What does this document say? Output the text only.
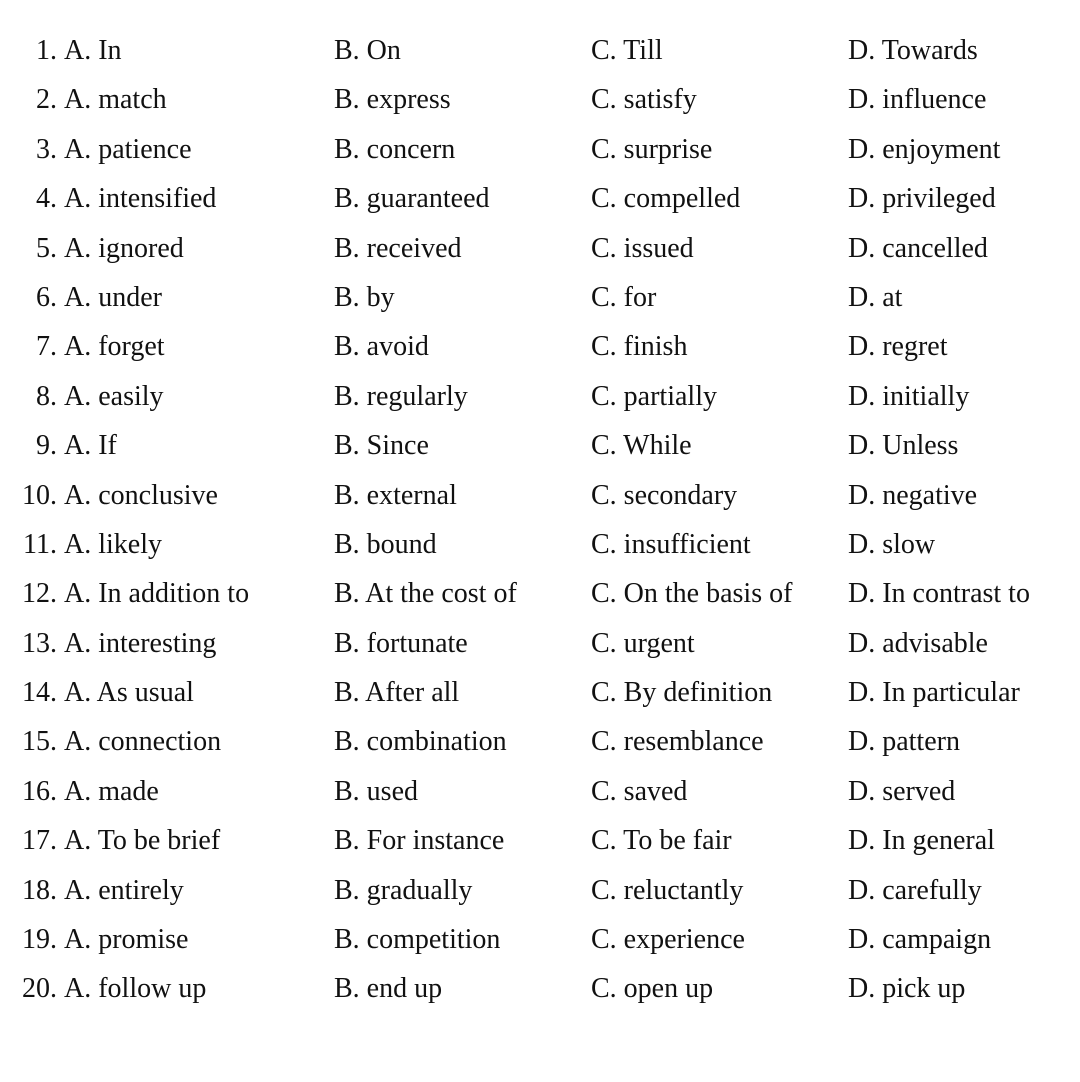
1. A. In	B. On	C. Till	D. Towards
2. A. match	B. express	C. satisfy	D. influence
3. A. patience	B. concern	C. surprise	D. enjoyment
4. A. intensified	B. guaranteed	C. compelled	D. privileged
5. A. ignored	B. received	C. issued	D. cancelled
6. A. under	B. by	C. for	D. at
7. A. forget	B. avoid	C. finish	D. regret
8. A. easily	B. regularly	C. partially	D. initially
9. A. If	B. Since	C. While	D. Unless
10. A. conclusive	B. external	C. secondary	D. negative
11. A. likely	B. bound	C. insufficient	D. slow
12. A. In addition to	B. At the cost of	C. On the basis of D. In contrast to
13. A. interesting	B. fortunate	C. urgent	D. advisable
14. A. As usual	B. After all	C. By definition	D. In particular
15. A. connection	B. combination	C. resemblance	D. pattern
16. A. made	B. used	C. saved	D. served
17. A. To be brief	B. For instance	C. To be fair	D. In general
18. A. entirely	B. gradually	C. reluctantly	D. carefully
19. A. promise	B. competition	C. experience	D. campaign
20. A. follow up	B. end up	C. open up	D. pick up
